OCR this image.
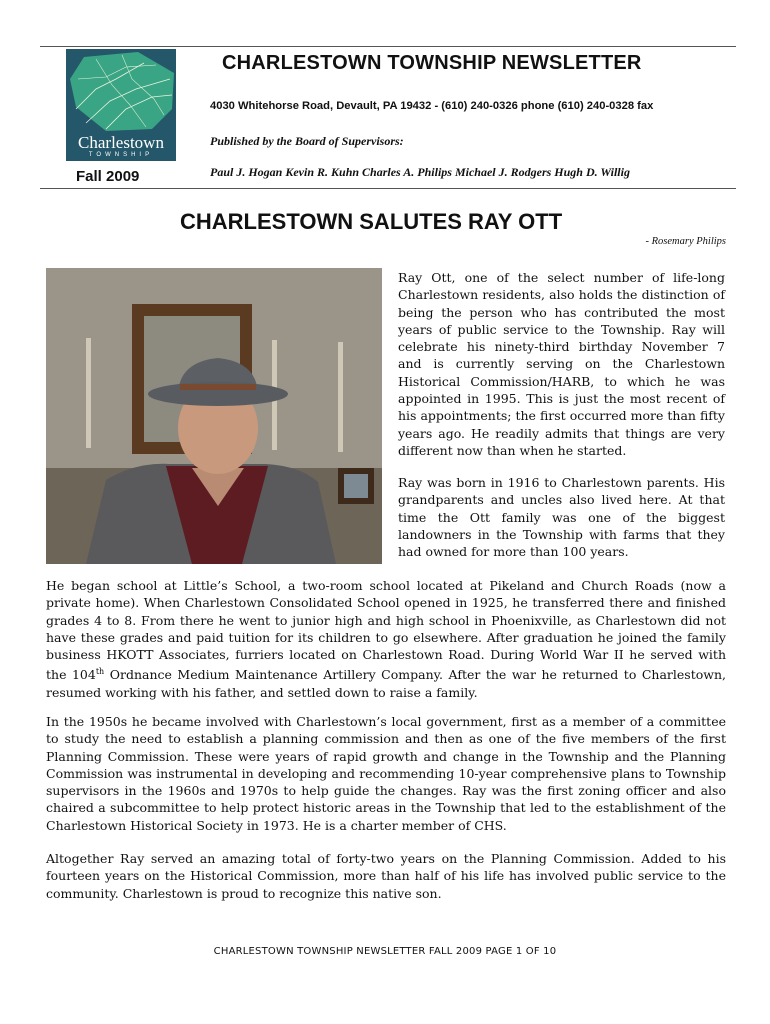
Charlestown
TOWNSHIP
Fall 2009
CHARLESTOWN TOWNSHIP NEWSLETTER
4030 Whitehorse Road, Devault, PA 19432 - (610) 240-0326 phone (610) 240-0328 fax
Published by the Board of Supervisors:
Paul J. Hogan Kevin R. Kuhn Charles A. Philips Michael J. Rodgers Hugh D. Willig
CHARLESTOWN SALUTES RAY OTT
- Rosemary Philips

Ray Ott, one of the select number of life-long Charlestown residents, also holds the distinction of being the person who has contributed the most years of public service to the Township. Ray will celebrate his ninety-third birthday November 7 and is currently serving on the Charlestown Historical Commission/HARB, to which he was appointed in 1995. This is just the most recent of his appointments; the first occurred more than fifty years ago. He readily admits that things are very different now than when he started.

Ray was born in 1916 to Charlestown parents. His grandparents and uncles also lived here. At that time the Ott family was one of the biggest landowners in the Township with farms that they had owned for more than 100 years.

He began school at Little’s School, a two-room school located at Pikeland and Church Roads (now a private home). When Charlestown Consolidated School opened in 1925, he transferred there and finished grades 4 to 8. From there he went to junior high and high school in Phoenixville, as Charlestown did not have these grades and paid tuition for its children to go elsewhere. After graduation he joined the family business HKOTT Associates, furriers located on Charlestown Road. During World War II he served with the 104th Ordnance Medium Maintenance Artillery Company. After the war he returned to Charlestown, resumed working with his father, and settled down to raise a family.

In the 1950s he became involved with Charlestown’s local government, first as a member of a committee to study the need to establish a planning commission and then as one of the five members of the first Planning Commission. These were years of rapid growth and change in the Township and the Planning Commission was instrumental in developing and recommending 10-year comprehensive plans to Township supervisors in the 1960s and 1970s to help guide the changes. Ray was the first zoning officer and also chaired a subcommittee to help protect historic areas in the Township that led to the establishment of the Charlestown Historical Society in 1973. He is a charter member of CHS.

Altogether Ray served an amazing total of forty-two years on the Planning Commission. Added to his fourteen years on the Historical Commission, more than half of his life has involved public service to the community. Charlestown is proud to recognize this native son.

CHARLESTOWN TOWNSHIP NEWSLETTER FALL 2009 PAGE 1 OF 10
